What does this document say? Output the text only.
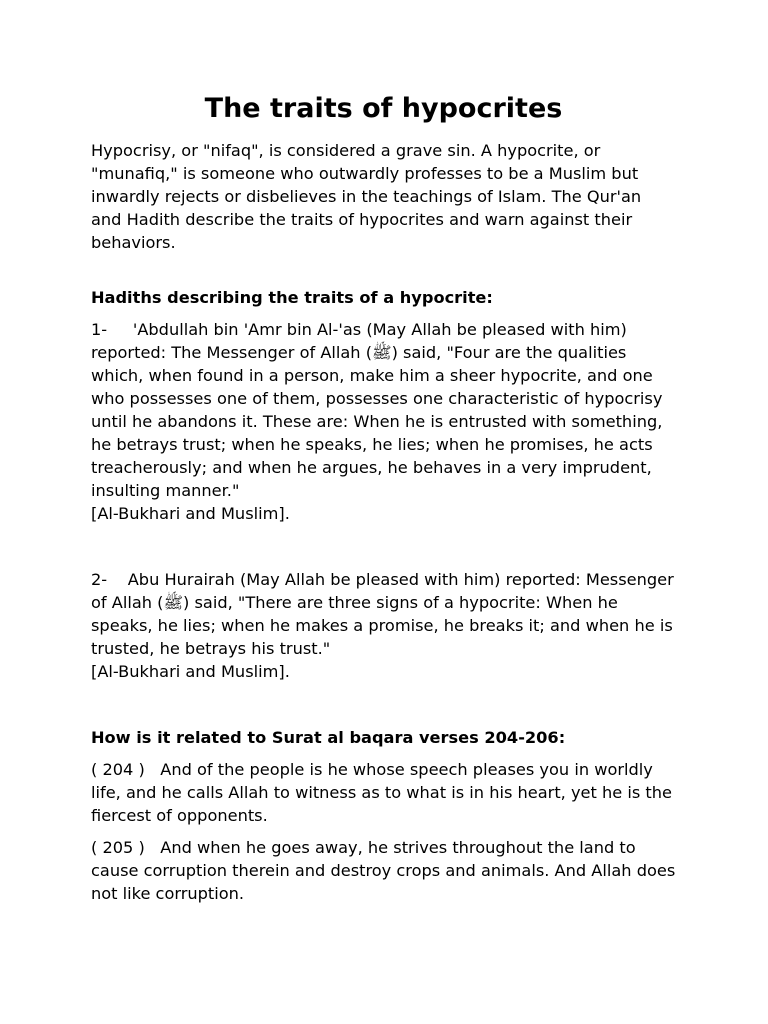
The traits of hypocrites

Hypocrisy, or "nifaq", is considered a grave sin. A hypocrite, or "munafiq," is someone who outwardly professes to be a Muslim but inwardly rejects or disbelieves in the teachings of Islam. The Qur'an and Hadith describe the traits of hypocrites and warn against their behaviors.

Hadiths describing the traits of a hypocrite:

1- 'Abdullah bin 'Amr bin Al-'as (May Allah be pleased with him) reported: The Messenger of Allah (ﷺ) said, "Four are the qualities which, when found in a person, make him a sheer hypocrite, and one who possesses one of them, possesses one characteristic of hypocrisy until he abandons it. These are: When he is entrusted with something, he betrays trust; when he speaks, he lies; when he promises, he acts treacherously; and when he argues, he behaves in a very imprudent, insulting manner."
[Al-Bukhari and Muslim].

2- Abu Hurairah (May Allah be pleased with him) reported: Messenger of Allah (ﷺ) said, "There are three signs of a hypocrite: When he speaks, he lies; when he makes a promise, he breaks it; and when he is trusted, he betrays his trust."
[Al-Bukhari and Muslim].

How is it related to Surat al baqara verses 204-206:

( 204 ) And of the people is he whose speech pleases you in worldly life, and he calls Allah to witness as to what is in his heart, yet he is the fiercest of opponents.

( 205 ) And when he goes away, he strives throughout the land to cause corruption therein and destroy crops and animals. And Allah does not like corruption.
